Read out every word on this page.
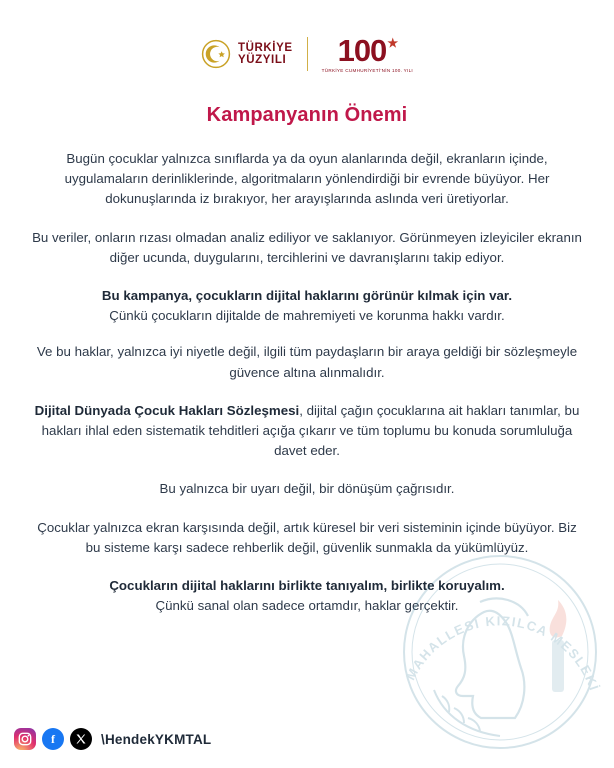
TÜRKİYE
YÜZYILI 100 ★
TÜRKİYE CUMHURİYETİ'NİN 100. YILI
Kampanyanın Önemi

Bugün çocuklar yalnızca sınıflarda ya da oyun alanlarında değil, ekranların içinde, uygulamaların derinliklerinde, algoritmaların yönlendirdiği bir evrende büyüyor. Her dokunuşlarında iz bırakıyor, her arayışlarında aslında veri üretiyorlar.

Bu veriler, onların rızası olmadan analiz ediliyor ve saklanıyor. Görünmeyen izleyiciler ekranın diğer ucunda, duygularını, tercihlerini ve davranışlarını takip ediyor.

Bu kampanya, çocukların dijital haklarını görünür kılmak için var.
Çünkü çocukların dijitalde de mahremiyeti ve korunma hakkı vardır.

Ve bu haklar, yalnızca iyi niyetle değil, ilgili tüm paydaşların bir araya geldiği bir sözleşmeyle güvence altına alınmalıdır.

Dijital Dünyada Çocuk Hakları Sözleşmesi, dijital çağın çocuklarına ait hakları tanımlar, bu hakları ihlal eden sistematik tehditleri açığa çıkarır ve tüm toplumu bu konuda sorumluluğa davet eder.

Bu yalnızca bir uyarı değil, bir dönüşüm çağrısıdır.

Çocuklar yalnızca ekran karşısında değil, artık küresel bir veri sisteminin içinde büyüyor. Biz bu sisteme karşı sadece rehberlik değil, güvenlik sunmakla da yükümlüyüz.

Çocukların dijital haklarını birlikte tanıyalım, birlikte koruyalım.
Çünkü sanal olan sadece ortamdır, haklar gerçektir.

MAHALLESİ KIZILCA MESLEKİ
f	\HendekYKMTAL
